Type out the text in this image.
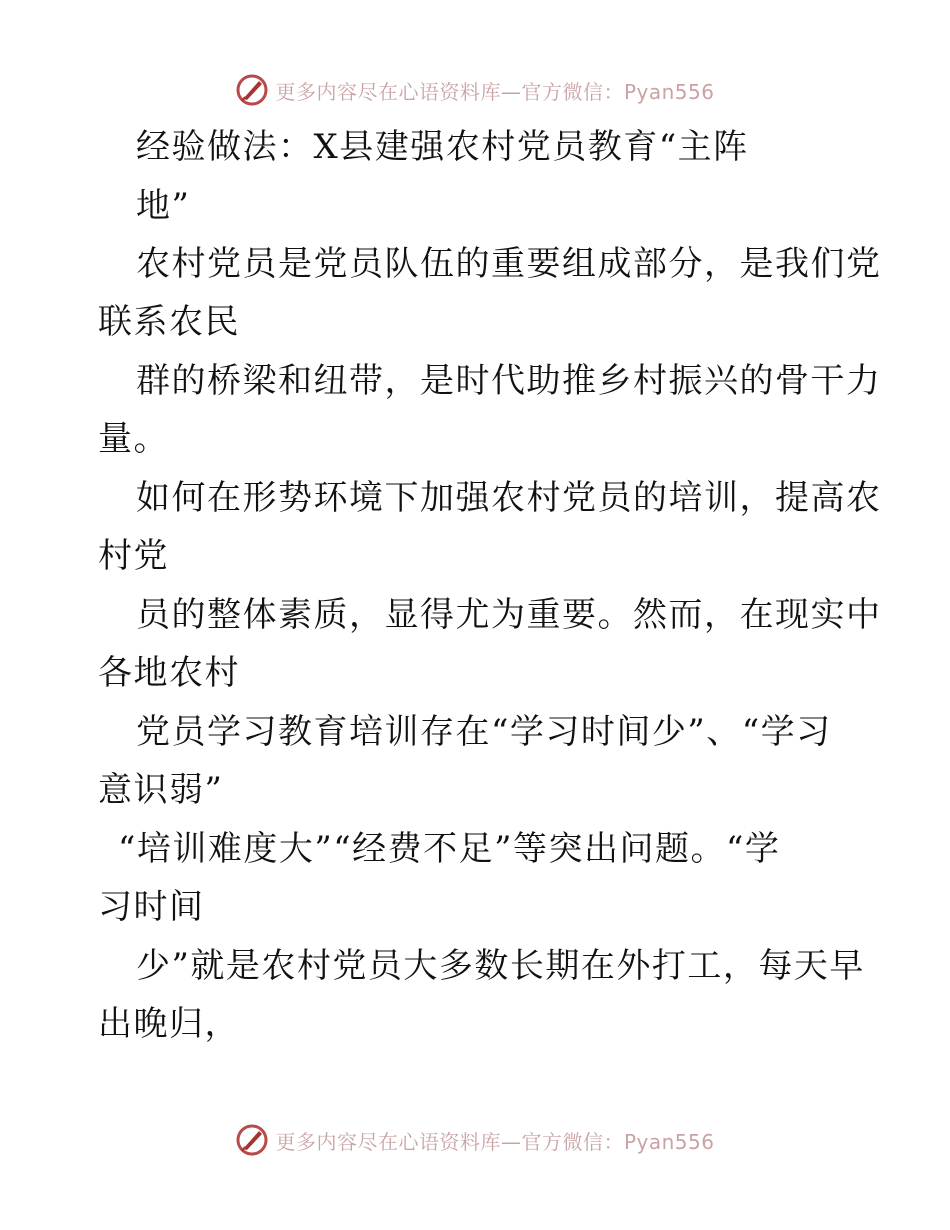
更多内容尽在心语资料库—官方微信：Pyan556

经验做法：X县建强农村党员教育“主阵

地”

农村党员是党员队伍的重要组成部分，是我们党

联系农民

群的桥梁和纽带，是时代助推乡村振兴的骨干力

量。

如何在形势环境下加强农村党员的培训，提高农

村党

员的整体素质，显得尤为重要。然而，在现实中

各地农村

党员学习教育培训存在“学习时间少”、“学习

意识弱”

“培训难度大”“经费不足”等突出问题。“学

习时间

少”就是农村党员大多数长期在外打工，每天早

出晚归，

更多内容尽在心语资料库—官方微信：Pyan556
